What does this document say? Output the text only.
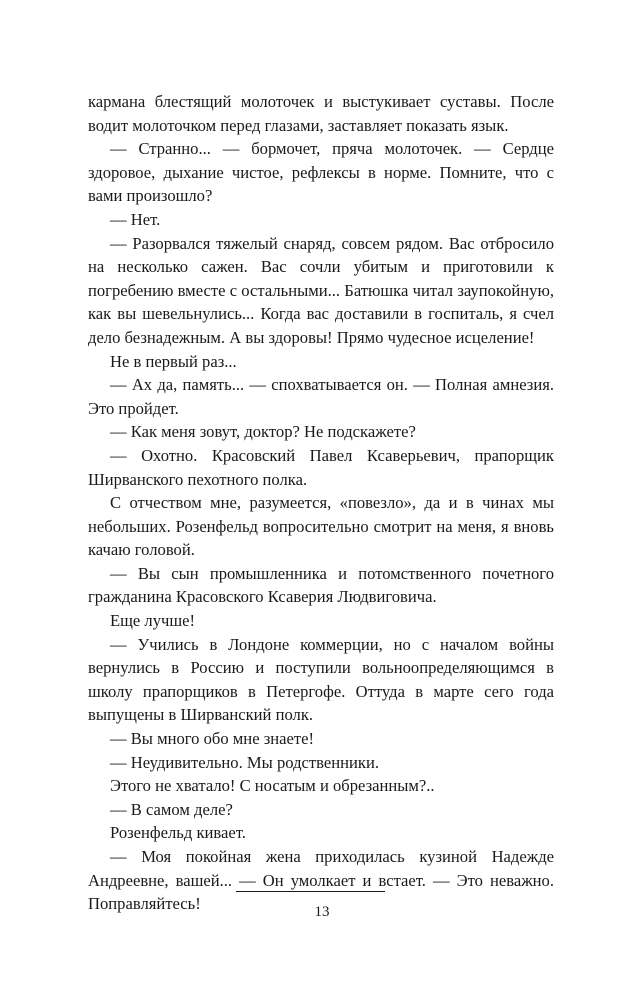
кармана блестящий молоточек и выстукивает суставы. После водит молоточком перед глазами, заставляет показать язык.

— Странно... — бормочет, пряча молоточек. — Сердце здоровое, дыхание чистое, рефлексы в норме. Помните, что с вами произошло?

— Нет.

— Разорвался тяжелый снаряд, совсем рядом. Вас отбросило на несколько сажен. Вас сочли убитым и приготовили к погребению вместе с остальными... Батюшка читал заупокойную, как вы шевельнулись... Когда вас доставили в госпиталь, я счел дело безнадежным. А вы здоровы! Прямо чудесное исцеление!

Не в первый раз...

— Ах да, память... — спохватывается он. — Полная амнезия. Это пройдет.

— Как меня зовут, доктор? Не подскажете?

— Охотно. Красовский Павел Ксаверьевич, прапорщик Ширванского пехотного полка.

С отчеством мне, разумеется, «повезло», да и в чинах мы небольших. Розенфельд вопросительно смотрит на меня, я вновь качаю головой.

— Вы сын промышленника и потомственного почетного гражданина Красовского Ксаверия Людвиговича.

Еще лучше!

— Учились в Лондоне коммерции, но с началом войны вернулись в Россию и поступили вольноопределяющимся в школу прапорщиков в Петергофе. Оттуда в марте сего года выпущены в Ширванский полк.

— Вы много обо мне знаете!

— Неудивительно. Мы родственники.

Этого не хватало! С носатым и обрезанным?..

— В самом деле?

Розенфельд кивает.

— Моя покойная жена приходилась кузиной Надежде Андреевне, вашей... — Он умолкает и встает. — Это неважно. Поправляйтесь!	13
